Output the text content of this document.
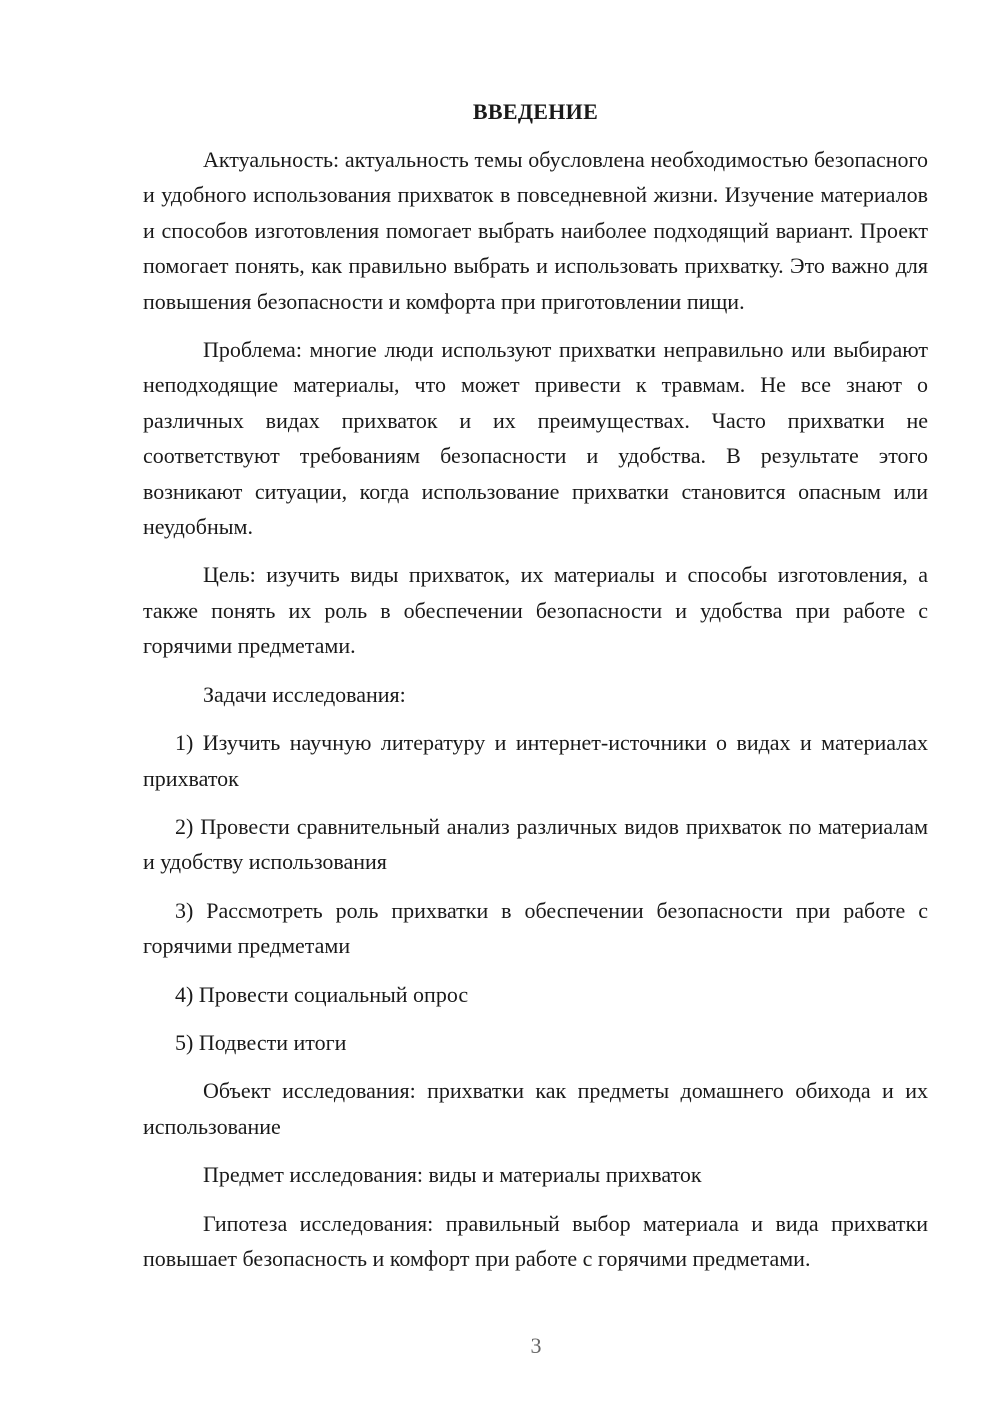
ВВЕДЕНИЕ

Актуальность: актуальность темы обусловлена необходимостью безопасного и удобного использования прихваток в повседневной жизни. Изучение материалов и способов изготовления помогает выбрать наиболее подходящий вариант. Проект помогает понять, как правильно выбрать и использовать прихватку. Это важно для повышения безопасности и комфорта при приготовлении пищи.

Проблема: многие люди используют прихватки неправильно или выбирают неподходящие материалы, что может привести к травмам. Не все знают о различных видах прихваток и их преимуществах. Часто прихватки не соответствуют требованиям безопасности и удобства. В результате этого возникают ситуации, когда использование прихватки становится опасным или неудобным.

Цель: изучить виды прихваток, их материалы и способы изготовления, а также понять их роль в обеспечении безопасности и удобства при работе с горячими предметами.

Задачи исследования:

1) Изучить научную литературу и интернет-источники о видах и материалах прихваток

2) Провести сравнительный анализ различных видов прихваток по материалам и удобству использования

3) Рассмотреть роль прихватки в обеспечении безопасности при работе с горячими предметами

4) Провести социальный опрос

5) Подвести итоги

Объект исследования: прихватки как предметы домашнего обихода и их использование

Предмет исследования: виды и материалы прихваток

Гипотеза исследования: правильный выбор материала и вида прихватки повышает безопасность и комфорт при работе с горячими предметами.

3
